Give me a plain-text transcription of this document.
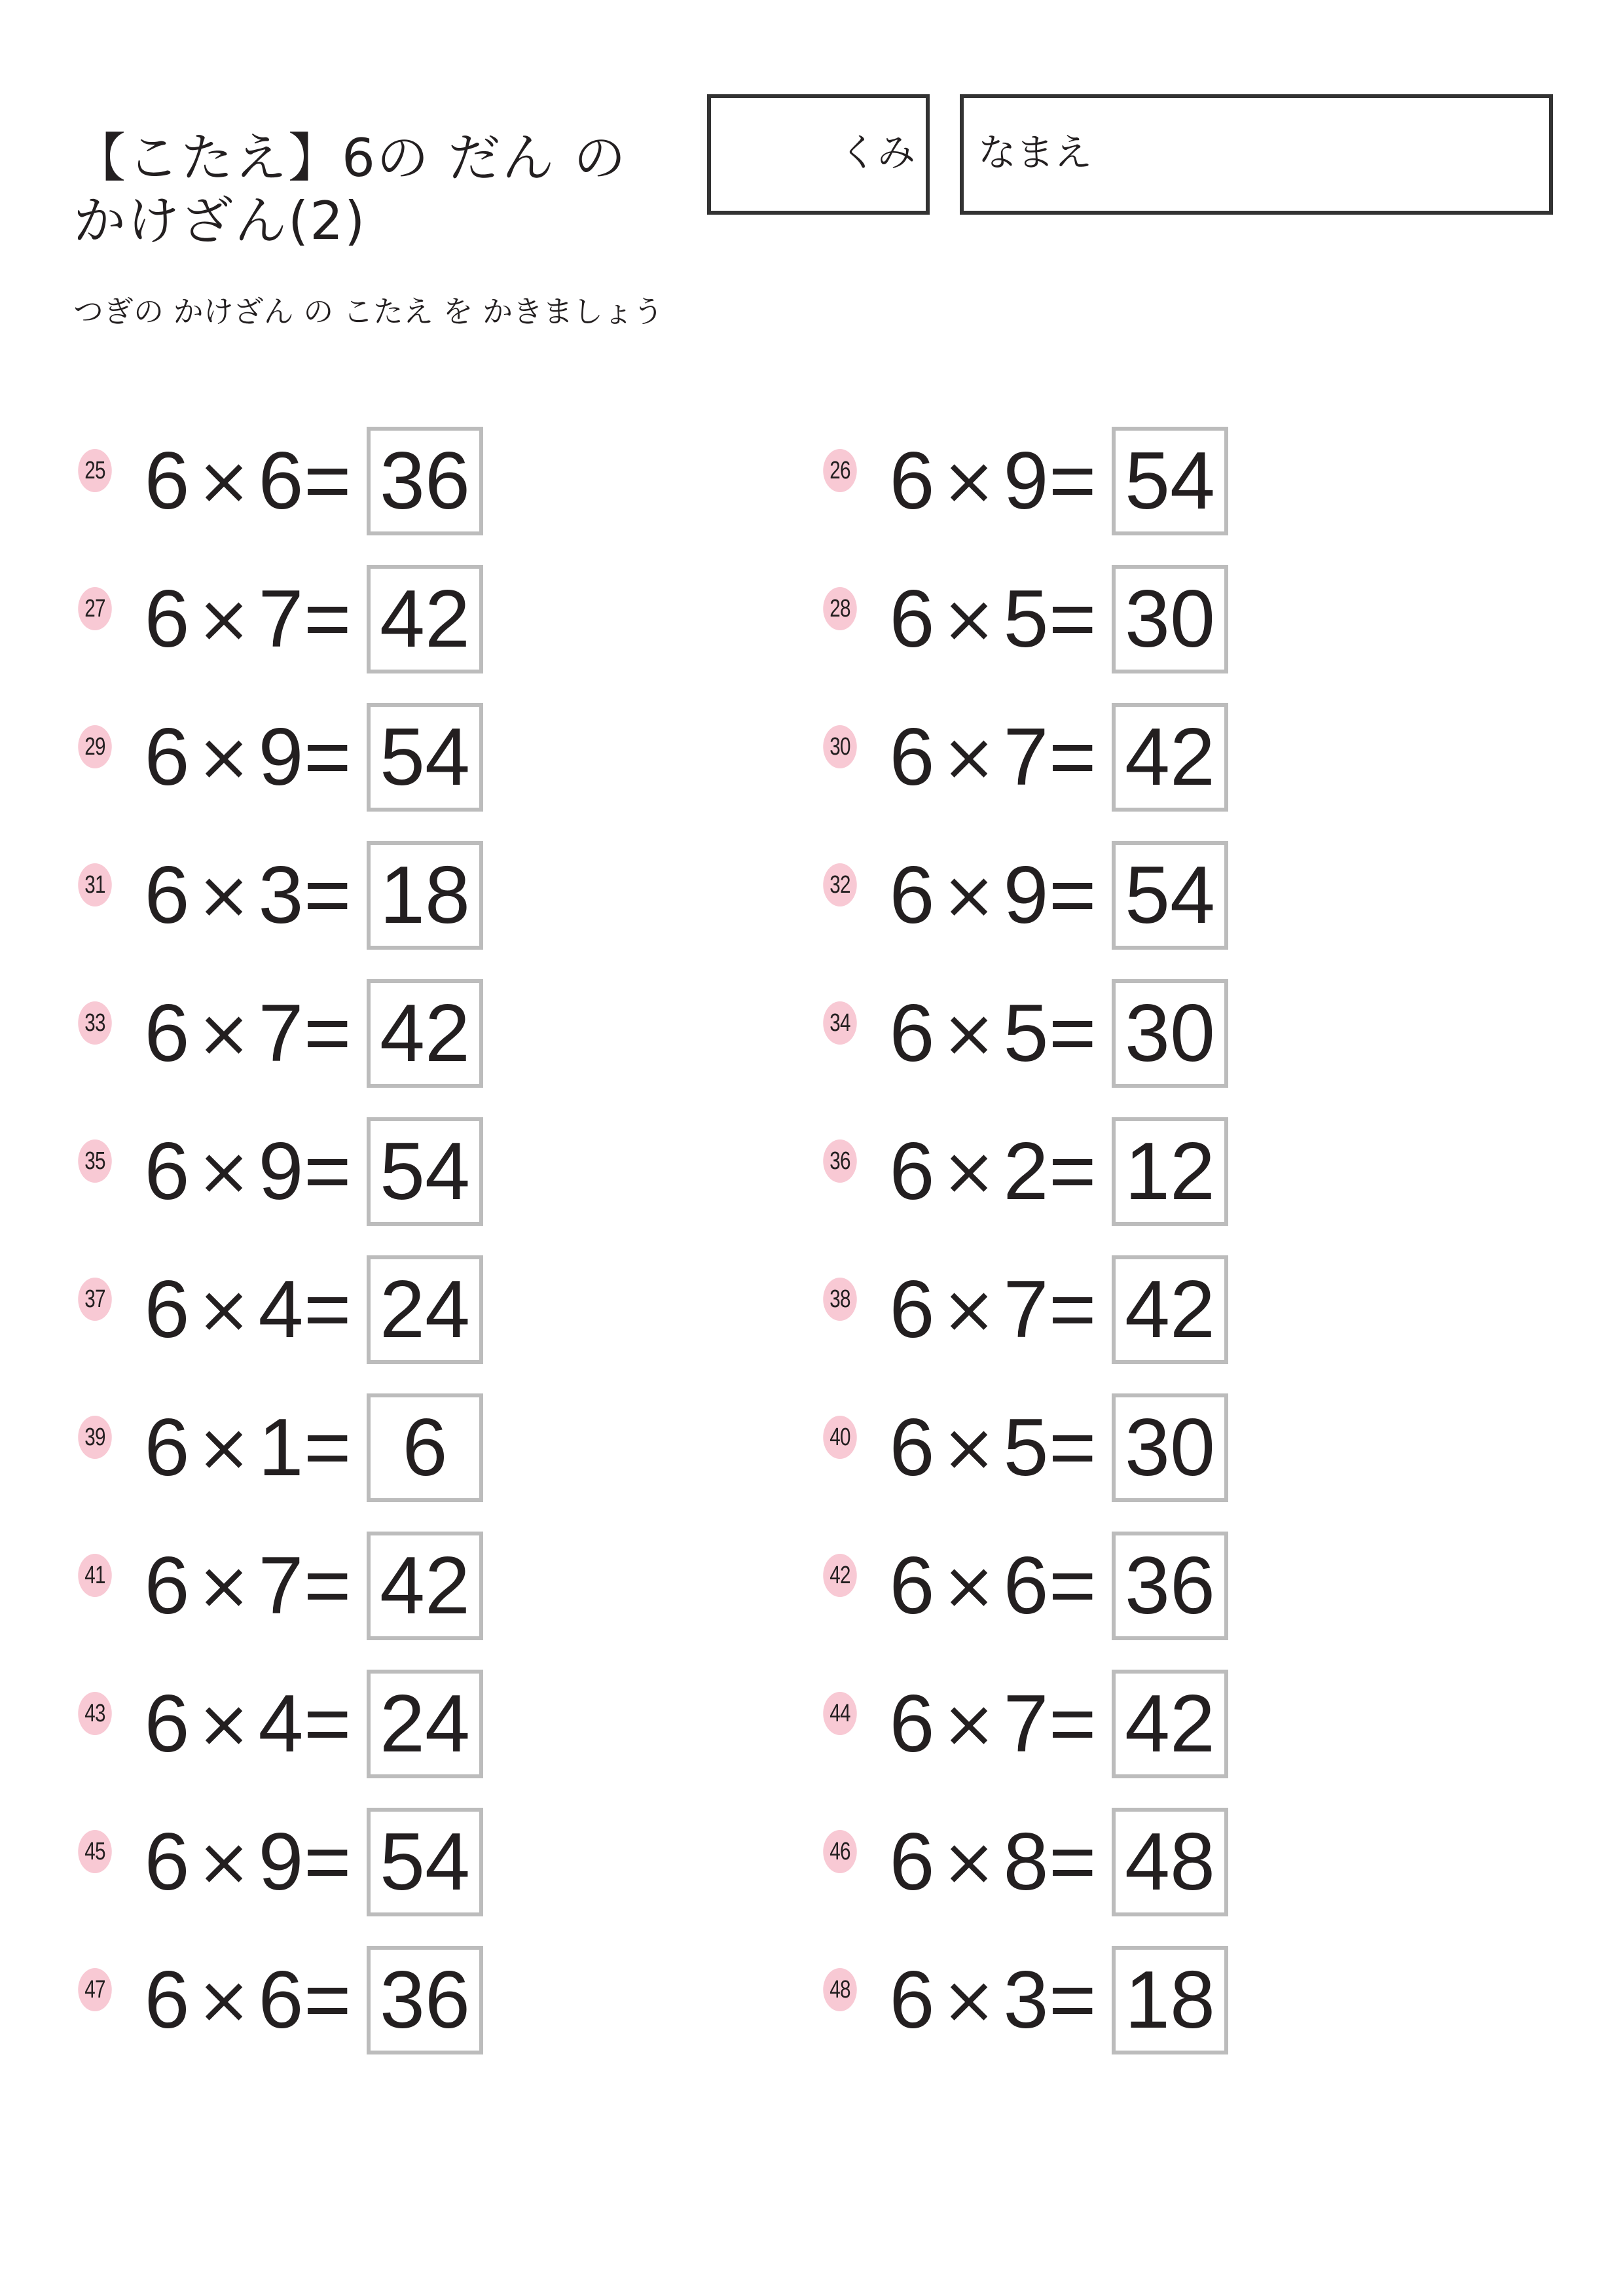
【こたえ】6の だん の
かけざん(2)
くみ なまえ
つぎの かけざん の こたえ を かきましょう
25 6 × 6 = 36	26 6 × 9 = 54
27 6 × 7 = 42	28 6 × 5 = 30
29 6 × 9 = 54	30 6 × 7 = 42
31 6 × 3 = 18	32 6 × 9 = 54
33 6 × 7 = 42	34 6 × 5 = 30
35 6 × 9 = 54	36 6 × 2 = 12
37 6 × 4 = 24	38 6 × 7 = 42
39 6 × 1 = 6	40 6 × 5 = 30
41 6 × 7 = 42	42 6 × 6 = 36
43 6 × 4 = 24	44 6 × 7 = 42
45 6 × 9 = 54	46 6 × 8 = 48
47 6 × 6 = 36	48 6 × 3 = 18
